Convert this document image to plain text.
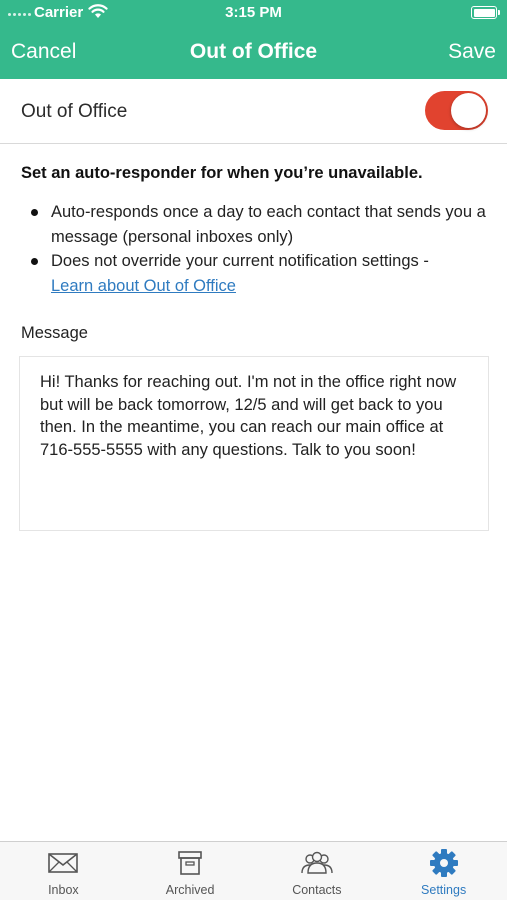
Carrier	3:15 PM
Cancel	Out of Office	Save
Out of Office
Set an auto-responder for when you’re unavailable.
Auto-responds once a day to each contact that sends you a message (personal inboxes only)
Does not override your current notification settings -
Learn about Out of Office
Message
Hi! Thanks for reaching out. I'm not in the office right now but will be back tomorrow, 12/5 and will get back to you then. In the meantime, you can reach our main office at 716-555-5555 with any questions. Talk to you soon!
Inbox	Archived	Contacts	Settings
